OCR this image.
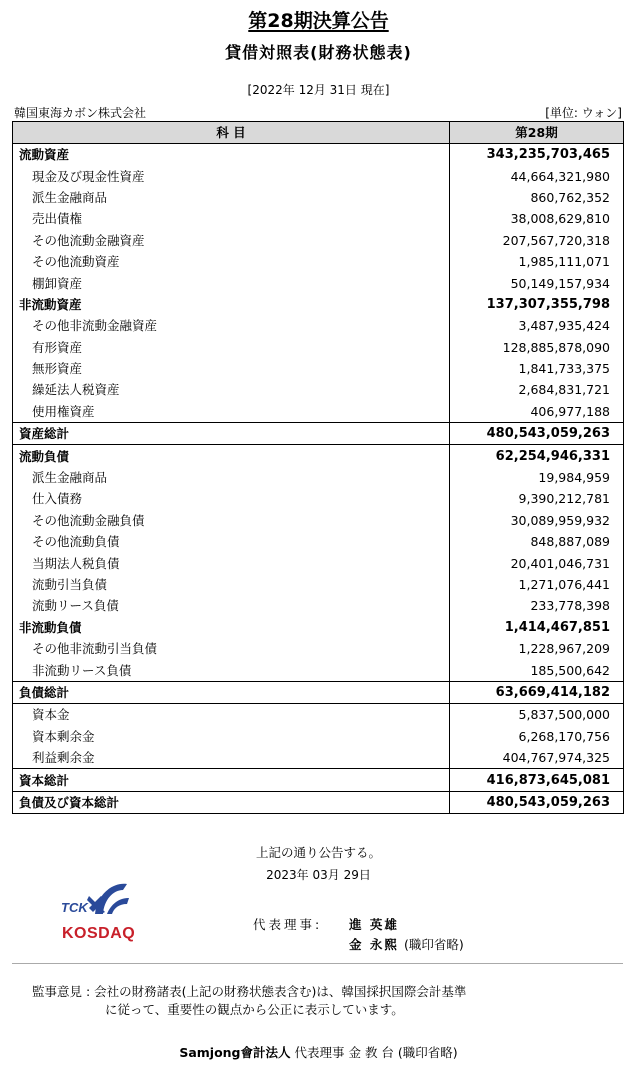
第28期決算公告
貸借対照表(財務状態表)
[2022年 12月 31日 現在]
韓国東海カボン株式会社	[単位: ウォン]
科 目	第28期
流動資産	343,235,703,465
現金及び現金性資産	44,664,321,980
派生金融商品	860,762,352
売出債権	38,008,629,810
その他流動金融資産	207,567,720,318
その他流動資産	1,985,111,071
棚卸資産	50,149,157,934
非流動資産	137,307,355,798
その他非流動金融資産	3,487,935,424
有形資産	128,885,878,090
無形資産	1,841,733,375
繰延法人税資産	2,684,831,721
使用権資産	406,977,188
資産総計	480,543,059,263
流動負債	62,254,946,331
派生金融商品	19,984,959
仕入債務	9,390,212,781
その他流動金融負債	30,089,959,932
その他流動負債	848,887,089
当期法人税負債	20,401,046,731
流動引当負債	1,271,076,441
流動リース負債	233,778,398
非流動負債	1,414,467,851
その他非流動引当負債	1,228,967,209
非流動リース負債	185,500,642
負債総計	63,669,414,182
資本金	5,837,500,000
資本剰余金	6,268,170,756
利益剰余金	404,767,974,325
資本総計	416,873,645,081
負債及び資本総計	480,543,059,263
上記の通り公告する。
2023年 03月 29日
TCK
KOSDAQ
代表理事: 進 英雄
金 永熙 (職印省略)
監事意見 : 会社の財務諸表(上記の財務状態表含む)は、韓国採択国際会計基準
に従って、重要性の観点から公正に表示しています。
Samjong會計法人 代表理事 金 教 台 (職印省略)
